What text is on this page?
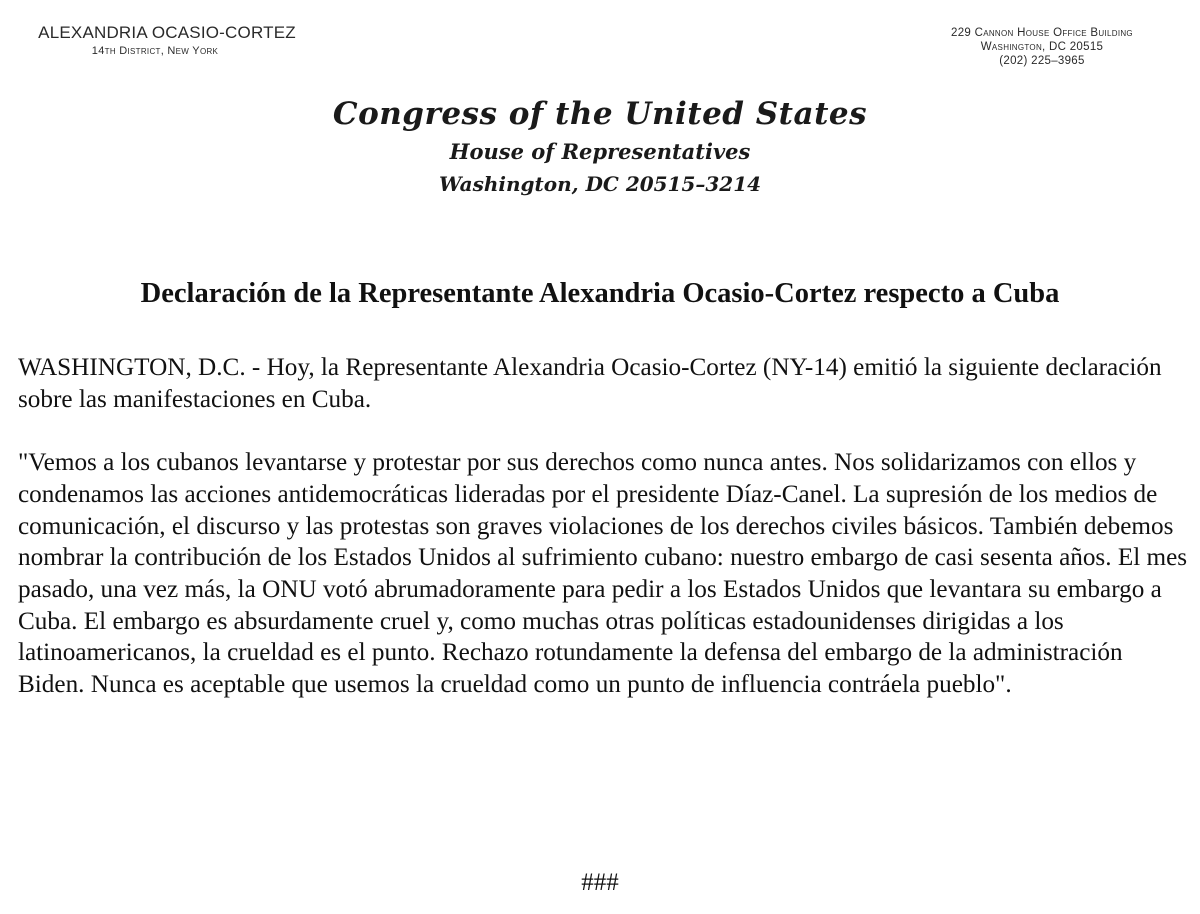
ALEXANDRIA OCASIO-CORTEZ
14th District, New York
229 Cannon House Office Building
Washington, DC 20515
(202) 225–3965
Congress of the United States
House of Representatives
Washington, DC 20515–3214
Declaración de la Representante Alexandria Ocasio-Cortez respecto a Cuba

WASHINGTON, D.C. - Hoy, la Representante Alexandria Ocasio-Cortez (NY-14) emitió la siguiente declaración sobre las manifestaciones en Cuba.

"Vemos a los cubanos levantarse y protestar por sus derechos como nunca antes. Nos solidarizamos con ellos y condenamos las acciones antidemocráticas lideradas por el presidente Díaz-Canel. La supresión de los medios de comunicación, el discurso y las protestas son graves violaciones de los derechos civiles básicos. También debemos nombrar la contribución de los Estados Unidos al sufrimiento cubano: nuestro embargo de casi sesenta años. El mes pasado, una vez más, la ONU votó abrumadoramente para pedir a los Estados Unidos que levantara su embargo a Cuba. El embargo es absurdamente cruel y, como muchas otras políticas estadounidenses dirigidas a los latinoamericanos, la crueldad es el punto. Rechazo rotundamente la defensa del embargo de la administración Biden. Nunca es aceptable que usemos la crueldad como un punto de influencia contráela pueblo".

###
